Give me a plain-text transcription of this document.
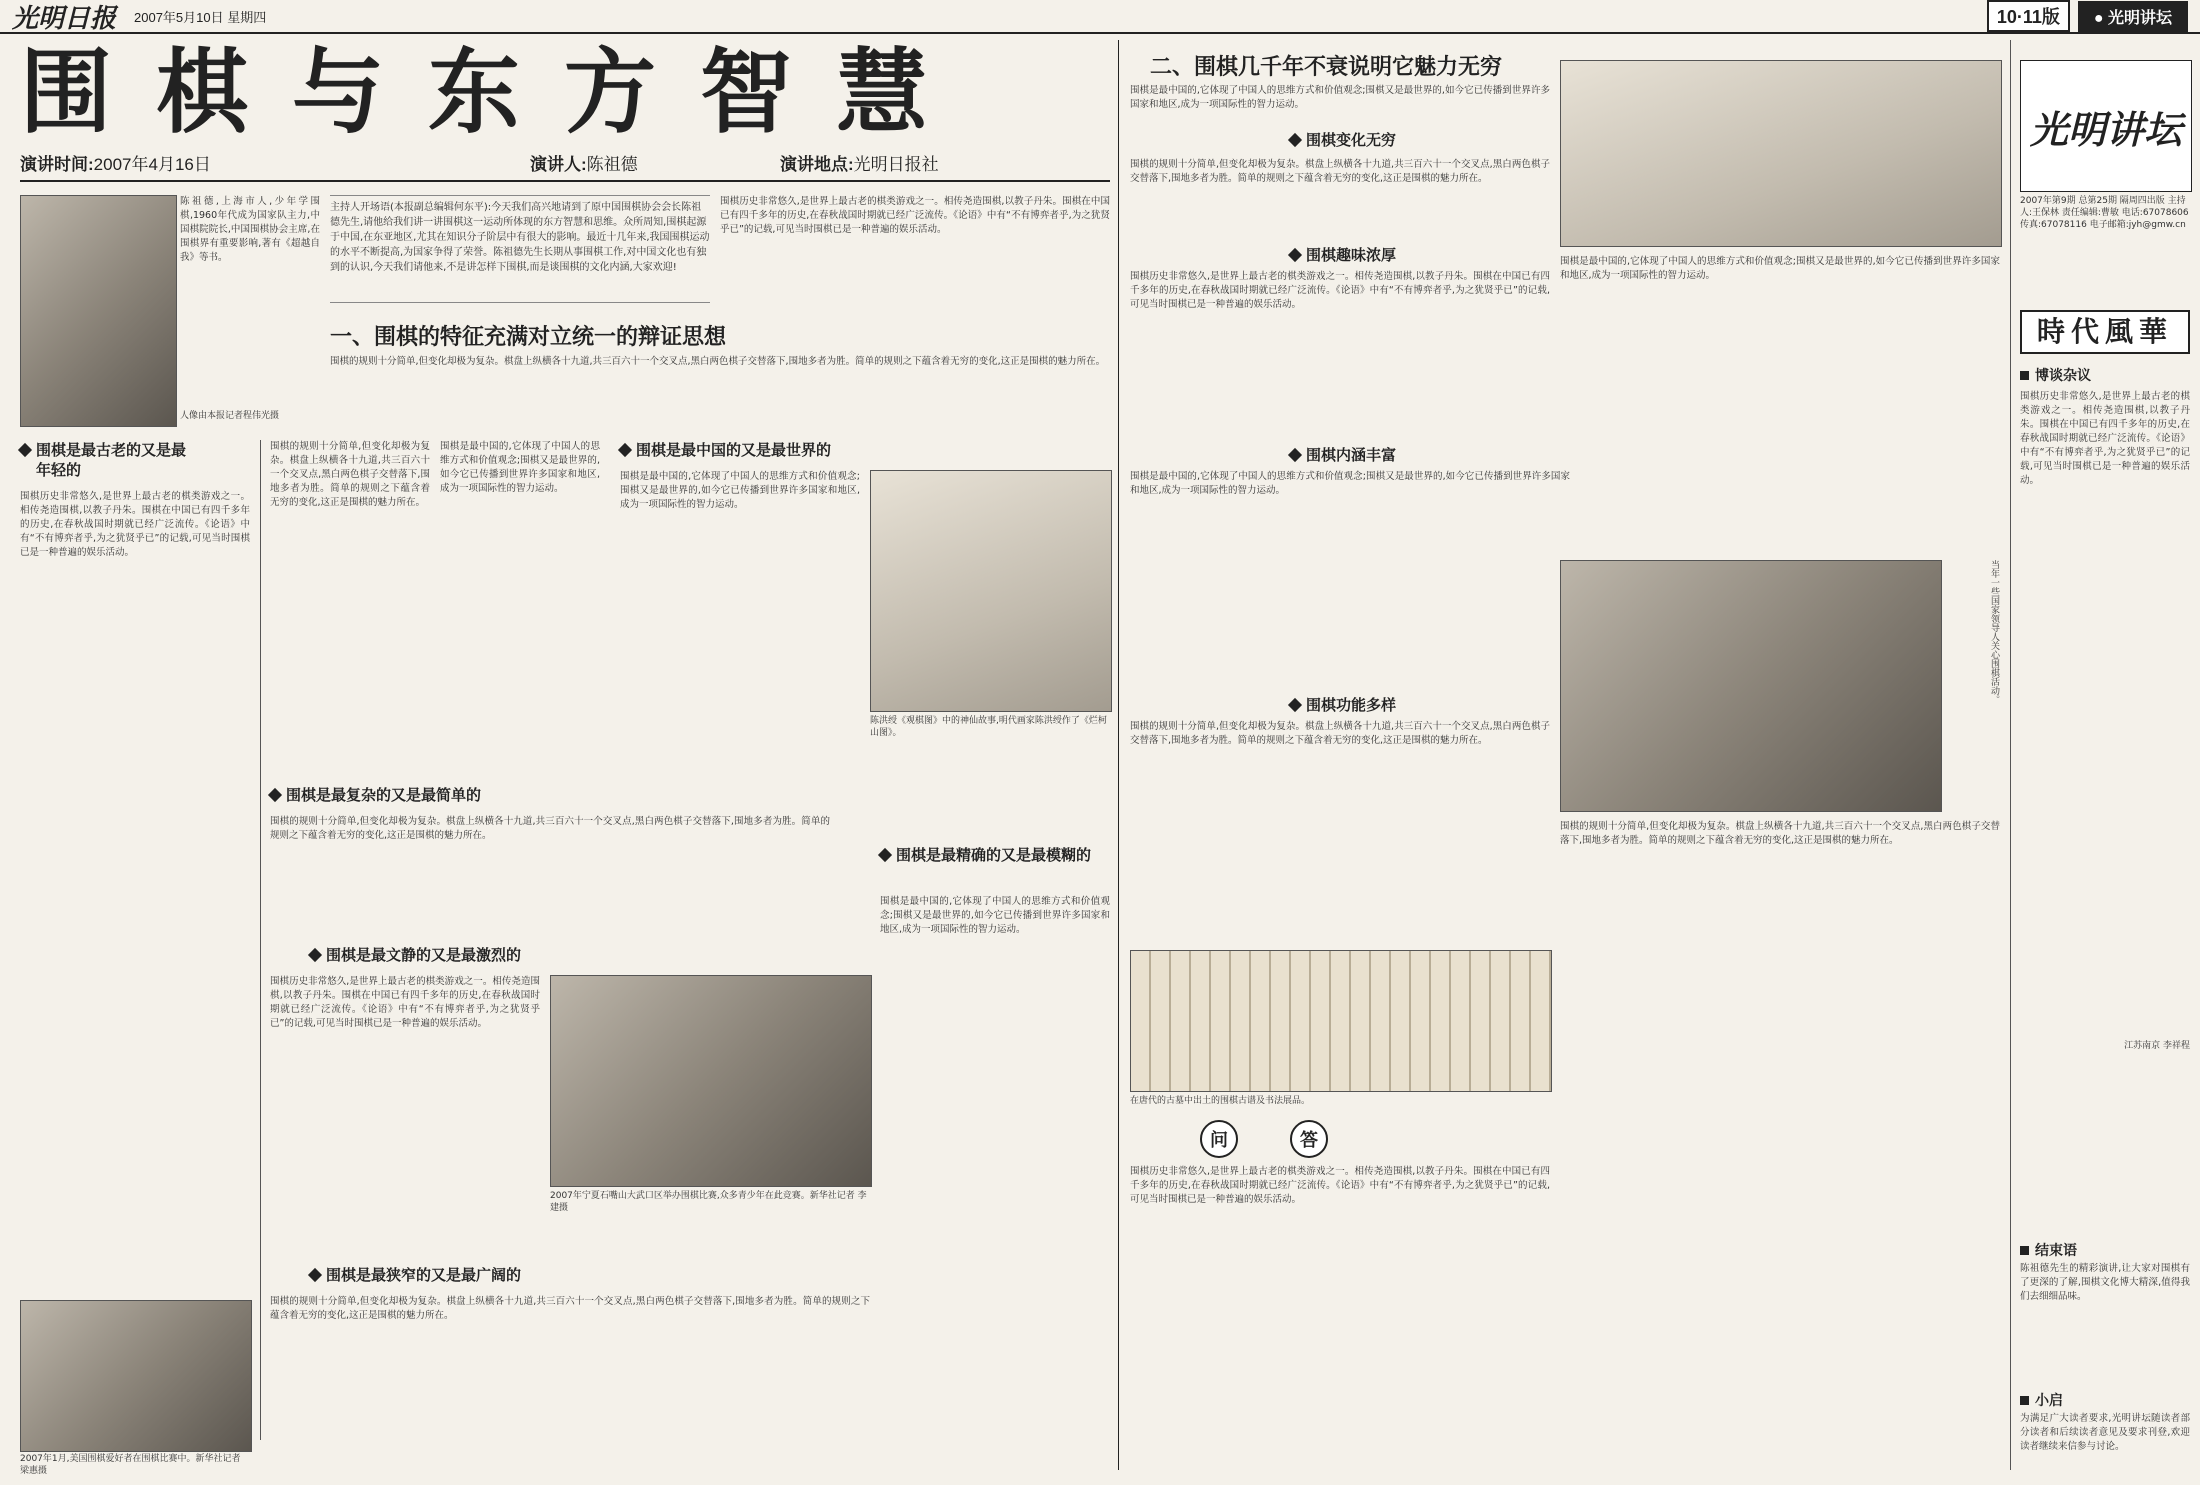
光明日报 2007年5月10日 星期四	10·11版	● 光明讲坛
围棋与东方智慧
演讲时间:2007年4月16日	演讲人:陈祖德	演讲地点:光明日报社
陈祖德,上海市人,少年学围棋,1960年代成为国家队主力,中国棋院院长,中国围棋协会主席,在围棋界有重要影响,著有《超越自我》等书。
人像由本报记者程伟光摄
主持人开场语(本报副总编辑何东平):今天我们高兴地请到了原中国围棋协会会长陈祖德先生,请他给我们讲一讲围棋这一运动所体现的东方智慧和思维。众所周知,围棋起源于中国,在东亚地区,尤其在知识分子阶层中有很大的影响。最近十几年来,我国围棋运动的水平不断提高,为国家争得了荣誉。陈祖德先生长期从事围棋工作,对中国文化也有独到的认识,今天我们请他来,不是讲怎样下围棋,而是谈围棋的文化内涵,大家欢迎!
围棋历史非常悠久,是世界上最古老的棋类游戏之一。相传尧造围棋,以教子丹朱。围棋在中国已有四千多年的历史,在春秋战国时期就已经广泛流传。《论语》中有“不有博弈者乎,为之犹贤乎已”的记载,可见当时围棋已是一种普遍的娱乐活动。
一、围棋的特征充满对立统一的辩证思想
围棋的规则十分简单,但变化却极为复杂。棋盘上纵横各十九道,共三百六十一个交叉点,黑白两色棋子交替落下,围地多者为胜。简单的规则之下蕴含着无穷的变化,这正是围棋的魅力所在。
围棋是最古老的又是最年轻的
围棋历史非常悠久,是世界上最古老的棋类游戏之一。相传尧造围棋,以教子丹朱。围棋在中国已有四千多年的历史,在春秋战国时期就已经广泛流传。《论语》中有“不有博弈者乎,为之犹贤乎已”的记载,可见当时围棋已是一种普遍的娱乐活动。
围棋的规则十分简单,但变化却极为复杂。棋盘上纵横各十九道,共三百六十一个交叉点,黑白两色棋子交替落下,围地多者为胜。简单的规则之下蕴含着无穷的变化,这正是围棋的魅力所在。
围棋是最中国的,它体现了中国人的思维方式和价值观念;围棋又是最世界的,如今它已传播到世界许多国家和地区,成为一项国际性的智力运动。
围棋是最中国的又是最世界的
围棋是最中国的,它体现了中国人的思维方式和价值观念;围棋又是最世界的,如今它已传播到世界许多国家和地区,成为一项国际性的智力运动。
陈洪绶《观棋图》中的神仙故事,明代画家陈洪绶作了《烂柯山图》。
围棋是最复杂的又是最简单的
围棋的规则十分简单,但变化却极为复杂。棋盘上纵横各十九道,共三百六十一个交叉点,黑白两色棋子交替落下,围地多者为胜。简单的规则之下蕴含着无穷的变化,这正是围棋的魅力所在。
围棋是最精确的又是最模糊的
围棋是最中国的,它体现了中国人的思维方式和价值观念;围棋又是最世界的,如今它已传播到世界许多国家和地区,成为一项国际性的智力运动。
围棋是最文静的又是最激烈的
围棋历史非常悠久,是世界上最古老的棋类游戏之一。相传尧造围棋,以教子丹朱。围棋在中国已有四千多年的历史,在春秋战国时期就已经广泛流传。《论语》中有“不有博弈者乎,为之犹贤乎已”的记载,可见当时围棋已是一种普遍的娱乐活动。
2007年宁夏石嘴山大武口区举办围棋比赛,众多青少年在此竞赛。新华社记者 李建摄
围棋是最狭窄的又是最广阔的
围棋的规则十分简单,但变化却极为复杂。棋盘上纵横各十九道,共三百六十一个交叉点,黑白两色棋子交替落下,围地多者为胜。简单的规则之下蕴含着无穷的变化,这正是围棋的魅力所在。
2007年1月,美国围棋爱好者在围棋比赛中。新华社记者 梁惠摄
二、围棋几千年不衰说明它魅力无穷
围棋是最中国的,它体现了中国人的思维方式和价值观念;围棋又是最世界的,如今它已传播到世界许多国家和地区,成为一项国际性的智力运动。
围棋变化无穷
围棋的规则十分简单,但变化却极为复杂。棋盘上纵横各十九道,共三百六十一个交叉点,黑白两色棋子交替落下,围地多者为胜。简单的规则之下蕴含着无穷的变化,这正是围棋的魅力所在。
围棋趣味浓厚
围棋历史非常悠久,是世界上最古老的棋类游戏之一。相传尧造围棋,以教子丹朱。围棋在中国已有四千多年的历史,在春秋战国时期就已经广泛流传。《论语》中有“不有博弈者乎,为之犹贤乎已”的记载,可见当时围棋已是一种普遍的娱乐活动。
围棋内涵丰富
围棋是最中国的,它体现了中国人的思维方式和价值观念;围棋又是最世界的,如今它已传播到世界许多国家和地区,成为一项国际性的智力运动。
围棋功能多样
围棋的规则十分简单,但变化却极为复杂。棋盘上纵横各十九道,共三百六十一个交叉点,黑白两色棋子交替落下,围地多者为胜。简单的规则之下蕴含着无穷的变化,这正是围棋的魅力所在。
在唐代的古墓中出土的围棋古谱及书法展品。
问	答
围棋历史非常悠久,是世界上最古老的棋类游戏之一。相传尧造围棋,以教子丹朱。围棋在中国已有四千多年的历史,在春秋战国时期就已经广泛流传。《论语》中有“不有博弈者乎,为之犹贤乎已”的记载,可见当时围棋已是一种普遍的娱乐活动。
围棋是最中国的,它体现了中国人的思维方式和价值观念;围棋又是最世界的,如今它已传播到世界许多国家和地区,成为一项国际性的智力运动。
当年一些国家领导人关心围棋活动。
围棋的规则十分简单,但变化却极为复杂。棋盘上纵横各十九道,共三百六十一个交叉点,黑白两色棋子交替落下,围地多者为胜。简单的规则之下蕴含着无穷的变化,这正是围棋的魅力所在。
光明讲坛
2007年第9期 总第25期 隔周四出版 主持人:王保林 责任编辑:曹敏 电话:67078606 传真:67078116 电子邮箱:jyh@gmw.cn
時代風華
博谈杂议
围棋历史非常悠久,是世界上最古老的棋类游戏之一。相传尧造围棋,以教子丹朱。围棋在中国已有四千多年的历史,在春秋战国时期就已经广泛流传。《论语》中有“不有博弈者乎,为之犹贤乎已”的记载,可见当时围棋已是一种普遍的娱乐活动。
江苏南京 李祥程
结束语
陈祖德先生的精彩演讲,让大家对围棋有了更深的了解,围棋文化博大精深,值得我们去细细品味。
小启
为满足广大读者要求,光明讲坛随读者部分读者和后续读者意见及要求刊登,欢迎读者继续来信参与讨论。
